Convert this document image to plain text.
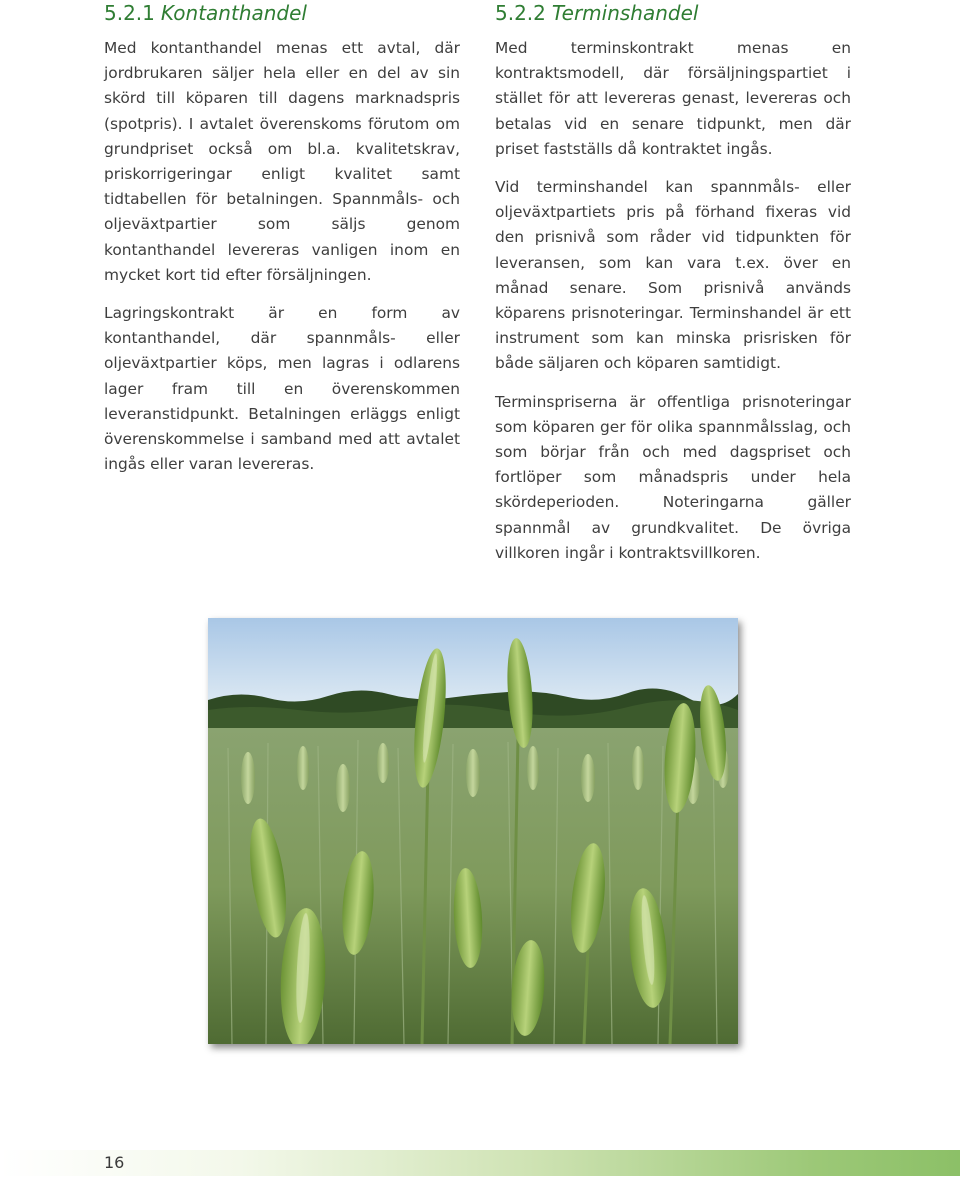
5.2.1 Kontanthandel

Med kontanthandel menas ett avtal, där jordbrukaren säljer hela eller en del av sin skörd till köparen till dagens marknadspris (spotpris). I avtalet överenskoms förutom om grundpriset också om bl.a. kvalitetskrav, priskorrigeringar enligt kvalitet samt tidtabellen för betalningen. Spannmåls- och oljeväxtpartier som säljs genom kontanthandel levereras vanligen inom en mycket kort tid efter försäljningen.

Lagringskontrakt är en form av kontanthandel, där spannmåls- eller oljeväxtpartier köps, men lagras i odlarens lager fram till en överenskommen leveranstidpunkt. Betalningen erläggs enligt överenskommelse i samband med att avtalet ingås eller varan levereras.

5.2.2 Terminshandel

Med terminskontrakt menas en kontraktsmodell, där försäljningspartiet i stället för att levereras genast, levereras och betalas vid en senare tidpunkt, men där priset fastställs då kontraktet ingås.

Vid terminshandel kan spannmåls- eller oljeväxtpartiets pris på förhand fixeras vid den prisnivå som råder vid tidpunkten för leveransen, som kan vara t.ex. över en månad senare. Som prisnivå används köparens prisnoteringar. Terminshandel är ett instrument som kan minska prisrisken för både säljaren och köparen samtidigt.

Terminspriserna är offentliga prisnoteringar som köparen ger för olika spannmålsslag, och som börjar från och med dagspriset och fortlöper som månadspris under hela skördeperioden. Noteringarna gäller spannmål av grundkvalitet. De övriga villkoren ingår i kontraktsvillkoren.

16
